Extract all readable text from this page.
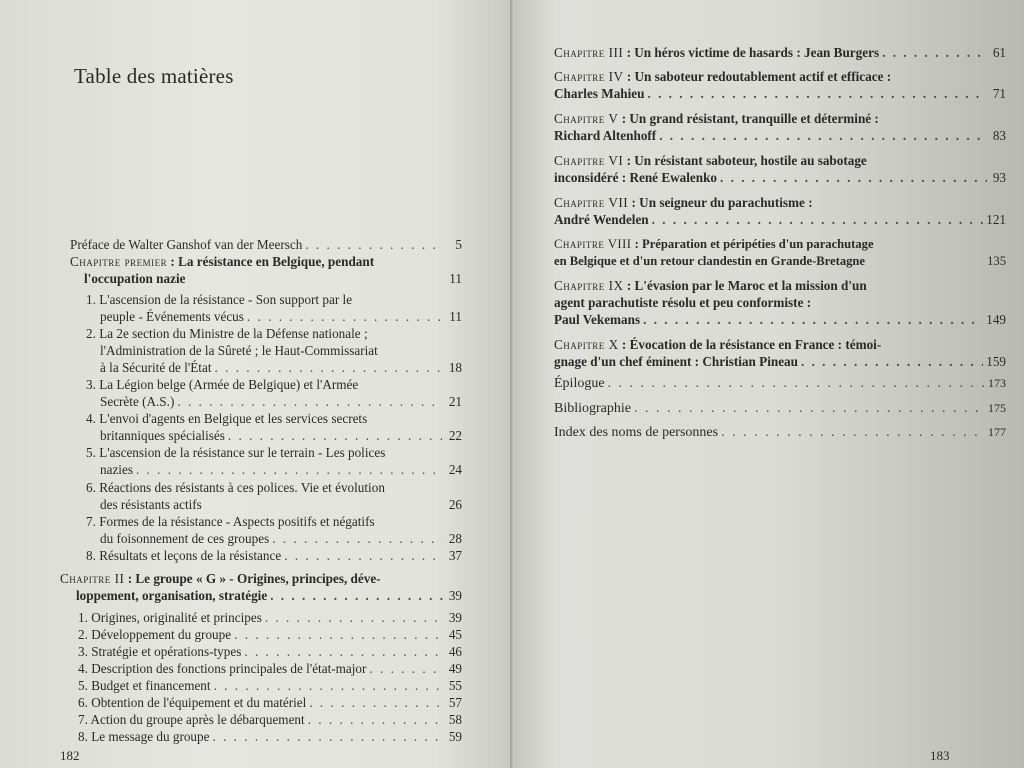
Table des matières
Préface de Walter Ganshof van der Meersch . . .	5
Chapitre premier : La résistance en Belgique, pendant
l'occupation nazie	11
1. L'ascension de la résistance - Son support par le
peuple - Événements vécus . . .	11
2. La 2e section du Ministre de la Défense nationale ;
l'Administration de la Sûreté ; le Haut-Commissariat
à la Sécurité de l'État . . .	18
3. La Légion belge (Armée de Belgique) et l'Armée
Secrète (A.S.) . . .	21
4. L'envoi d'agents en Belgique et les services secrets
britanniques spécialisés . . .	22
5. L'ascension de la résistance sur le terrain - Les polices
nazies . . .	24
6. Réactions des résistants à ces polices. Vie et évolution
des résistants actifs	26
7. Formes de la résistance - Aspects positifs et négatifs
du foisonnement de ces groupes . . .	28
8. Résultats et leçons de la résistance . . .	37
Chapitre II : Le groupe « G » - Origines, principes, déve-
loppement, organisation, stratégie . . .	39
1. Origines, originalité et principes . . .	39
2. Développement du groupe . . .	45
3. Stratégie et opérations-types . . .	46
4. Description des fonctions principales de l'état-major . . .	49
5. Budget et financement . . .	55
6. Obtention de l'équipement et du matériel . . .	57
7. Action du groupe après le débarquement . . .	58
8. Le message du groupe . . .	59
182
Chapitre III : Un héros victime de hasards : Jean Burgers . . .	61
Chapitre IV : Un saboteur redoutablement actif et efficace :
Charles Mahieu . . .	71
Chapitre V : Un grand résistant, tranquille et déterminé :
Richard Altenhoff . . .	83
Chapitre VI : Un résistant saboteur, hostile au sabotage
inconsidéré : René Ewalenko . . .	93
Chapitre VII : Un seigneur du parachutisme :
André Wendelen . . .	121
Chapitre VIII : Préparation et péripéties d'un parachutage
en Belgique et d'un retour clandestin en Grande-Bretagne	135
Chapitre IX : L'évasion par le Maroc et la mission d'un
agent parachutiste résolu et peu conformiste :
Paul Vekemans . . .	149
Chapitre X : Évocation de la résistance en France : témoi-
gnage d'un chef éminent : Christian Pineau . . .	159
Épilogue . . .	173
Bibliographie . . .	175
Index des noms de personnes . . .	177
183
